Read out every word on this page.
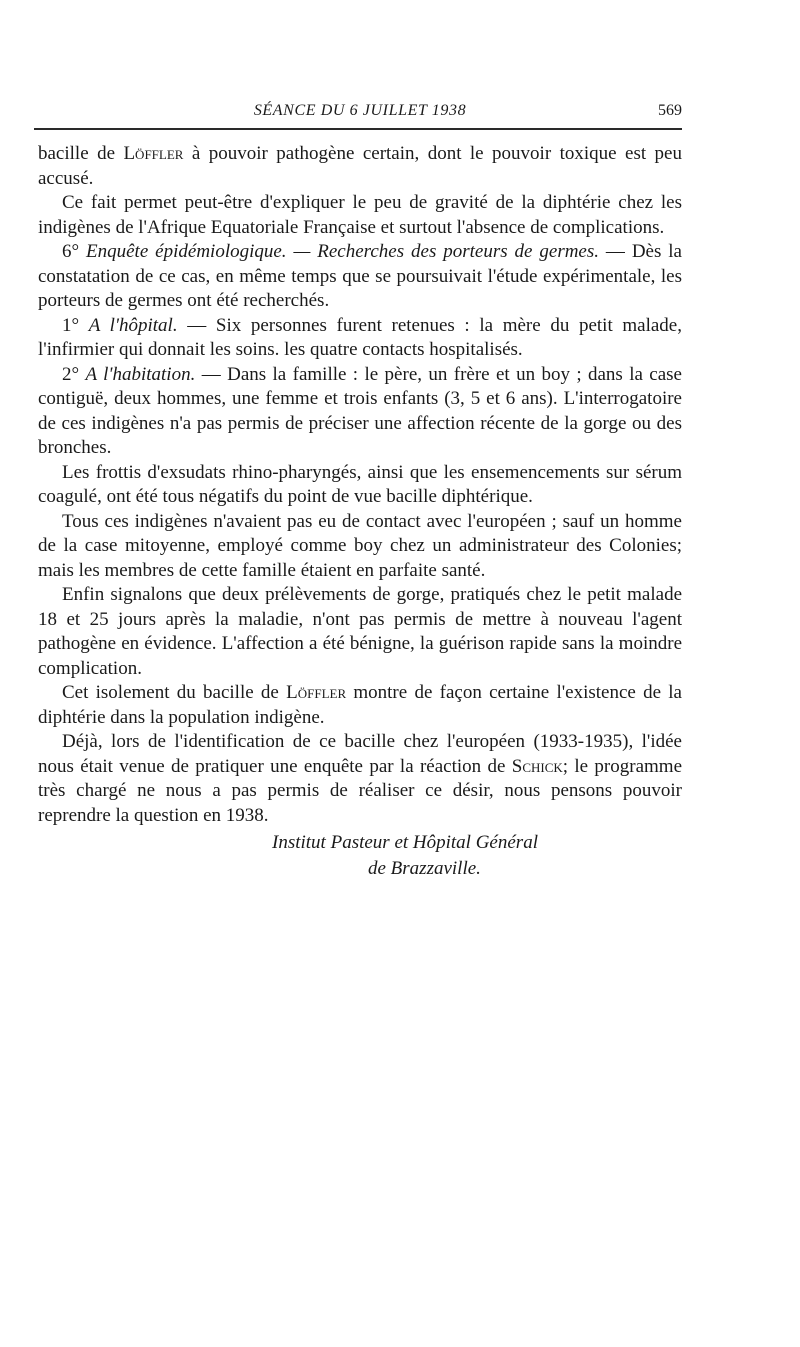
SÉANCE DU 6 JUILLET 1938	569

bacille de Löffler à pouvoir pathogène certain, dont le pouvoir toxique est peu accusé.

Ce fait permet peut-être d'expliquer le peu de gravité de la diphtérie chez les indigènes de l'Afrique Equatoriale Française et surtout l'absence de complications.

6° Enquête épidémiologique. — Recherches des porteurs de germes. — Dès la constatation de ce cas, en même temps que se poursuivait l'étude expérimentale, les porteurs de germes ont été recherchés.

1° A l'hôpital. — Six personnes furent retenues : la mère du petit malade, l'infirmier qui donnait les soins. les quatre contacts hospitalisés.

2° A l'habitation. — Dans la famille : le père, un frère et un boy ; dans la case contiguë, deux hommes, une femme et trois enfants (3, 5 et 6 ans). L'interrogatoire de ces indigènes n'a pas permis de préciser une affection récente de la gorge ou des bronches.

Les frottis d'exsudats rhino-pharyngés, ainsi que les ensemencements sur sérum coagulé, ont été tous négatifs du point de vue bacille diphtérique.

Tous ces indigènes n'avaient pas eu de contact avec l'européen ; sauf un homme de la case mitoyenne, employé comme boy chez un administrateur des Colonies; mais les membres de cette famille étaient en parfaite santé.

Enfin signalons que deux prélèvements de gorge, pratiqués chez le petit malade 18 et 25 jours après la maladie, n'ont pas permis de mettre à nouveau l'agent pathogène en évidence. L'affection a été bénigne, la guérison rapide sans la moindre complication.

Cet isolement du bacille de Löffler montre de façon certaine l'existence de la diphtérie dans la population indigène.

Déjà, lors de l'identification de ce bacille chez l'européen (1933-1935), l'idée nous était venue de pratiquer une enquête par la réaction de Schick; le programme très chargé ne nous a pas permis de réaliser ce désir, nous pensons pouvoir reprendre la question en 1938.

Institut Pasteur et Hôpital Général
de Brazzaville.
